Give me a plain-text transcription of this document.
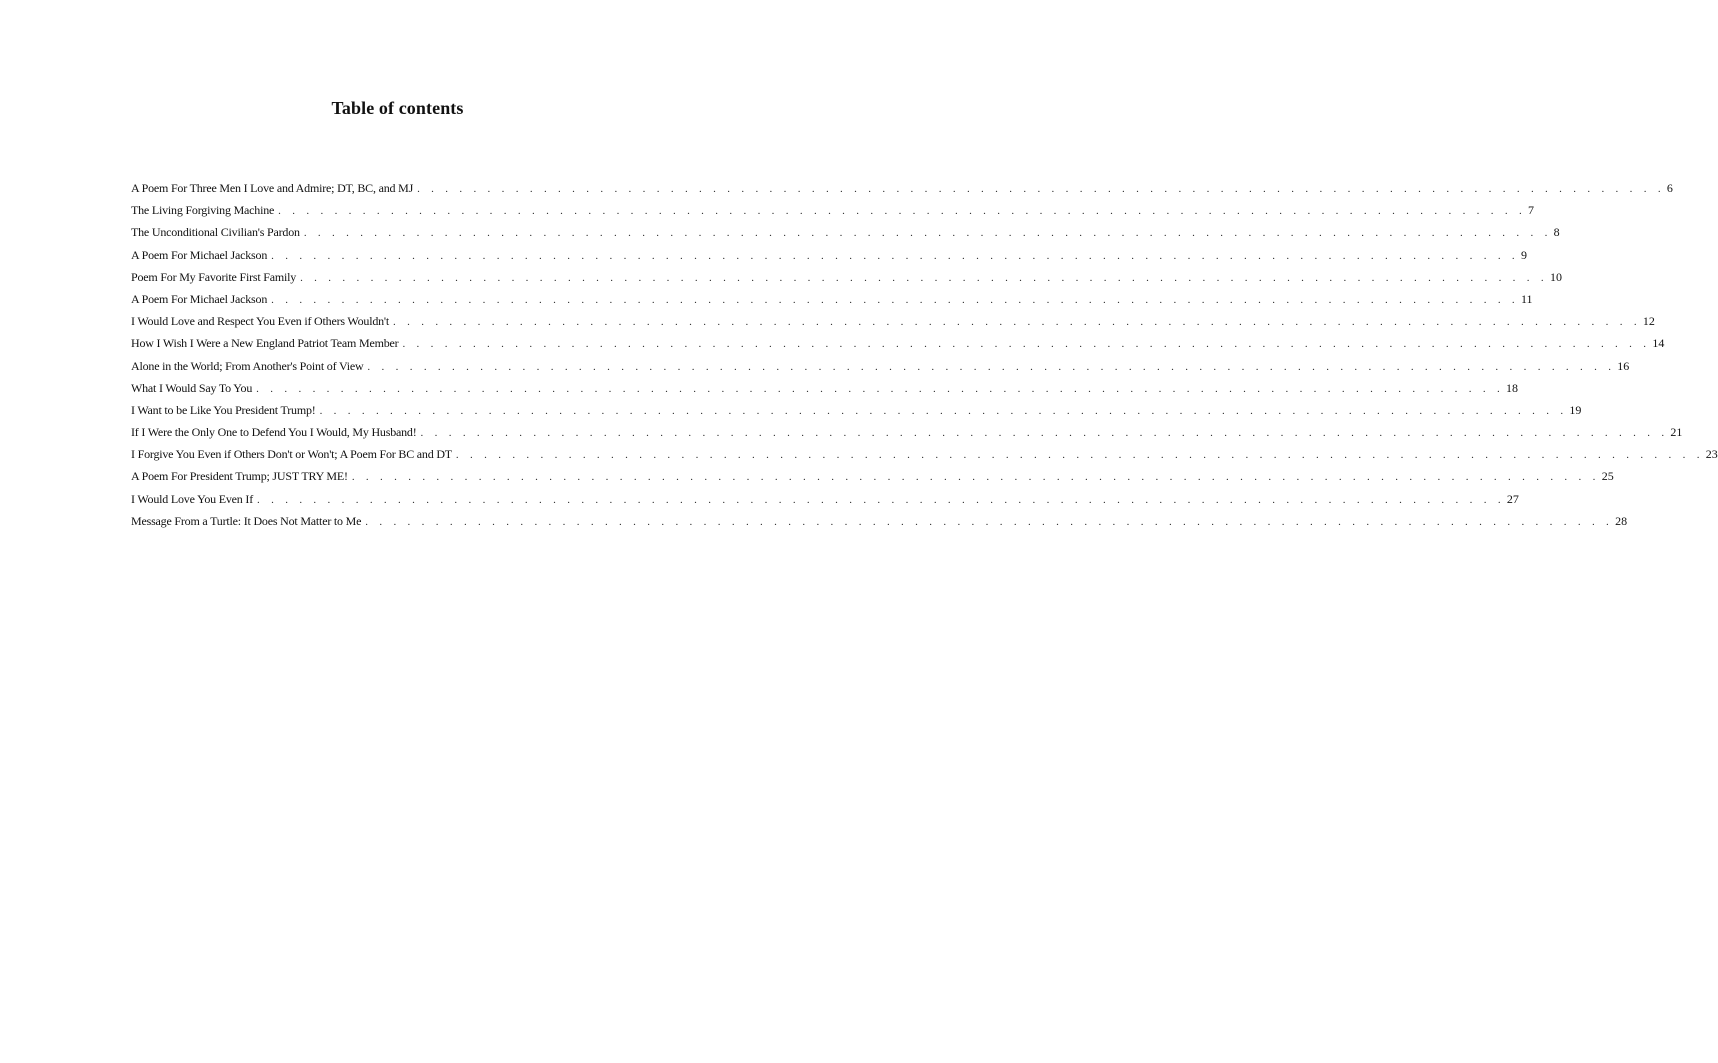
Table of contents
A Poem For Three Men I Love and Admire; DT, BC, and MJ . . . . . . . . . . . . . . . . . . . . . . . . . . . . . . . . . . . . . . . . . . . . . . . . . . . . . . . . . . . . . . . . . . . . . . . . . . . . . . . . . . . . . . . . . 6
The Living Forgiving Machine . . . . . . . . . . . . . . . . . . . . . . . . . . . . . . . . . . . . . . . . . . . . . . . . . . . . . . . . . . . . . . . . . . . . . . . . . . . . . . . . . . . . . . . . . 7
The Unconditional Civilian's Pardon . . . . . . . . . . . . . . . . . . . . . . . . . . . . . . . . . . . . . . . . . . . . . . . . . . . . . . . . . . . . . . . . . . . . . . . . . . . . . . . . . . . . . . . . . 8
A Poem For Michael Jackson . . . . . . . . . . . . . . . . . . . . . . . . . . . . . . . . . . . . . . . . . . . . . . . . . . . . . . . . . . . . . . . . . . . . . . . . . . . . . . . . . . . . . . . . . 9
Poem For My Favorite First Family . . . . . . . . . . . . . . . . . . . . . . . . . . . . . . . . . . . . . . . . . . . . . . . . . . . . . . . . . . . . . . . . . . . . . . . . . . . . . . . . . . . . . . . . . 10
A Poem For Michael Jackson . . . . . . . . . . . . . . . . . . . . . . . . . . . . . . . . . . . . . . . . . . . . . . . . . . . . . . . . . . . . . . . . . . . . . . . . . . . . . . . . . . . . . . . . . 11
I Would Love and Respect You Even if Others Wouldn't . . . . . . . . . . . . . . . . . . . . . . . . . . . . . . . . . . . . . . . . . . . . . . . . . . . . . . . . . . . . . . . . . . . . . . . . . . . . . . . . . . . . . . . . . 12
How I Wish I Were a New England Patriot Team Member . . . . . . . . . . . . . . . . . . . . . . . . . . . . . . . . . . . . . . . . . . . . . . . . . . . . . . . . . . . . . . . . . . . . . . . . . . . . . . . . . . . . . . . . . 14
Alone in the World; From Another's Point of View . . . . . . . . . . . . . . . . . . . . . . . . . . . . . . . . . . . . . . . . . . . . . . . . . . . . . . . . . . . . . . . . . . . . . . . . . . . . . . . . . . . . . . . . . 16
What I Would Say To You . . . . . . . . . . . . . . . . . . . . . . . . . . . . . . . . . . . . . . . . . . . . . . . . . . . . . . . . . . . . . . . . . . . . . . . . . . . . . . . . . . . . . . . . . 18
I Want to be Like You President Trump! . . . . . . . . . . . . . . . . . . . . . . . . . . . . . . . . . . . . . . . . . . . . . . . . . . . . . . . . . . . . . . . . . . . . . . . . . . . . . . . . . . . . . . . . . 19
If I Were the Only One to Defend You I Would, My Husband! . . . . . . . . . . . . . . . . . . . . . . . . . . . . . . . . . . . . . . . . . . . . . . . . . . . . . . . . . . . . . . . . . . . . . . . . . . . . . . . . . . . . . . . . . 21
I Forgive You Even if Others Don't or Won't; A Poem For BC and DT . . . . . . . . . . . . . . . . . . . . . . . . . . . . . . . . . . . . . . . . . . . . . . . . . . . . . . . . . . . . . . . . . . . . . . . . . . . . . . . . . . . . . . . . . 23
A Poem For President Trump; JUST TRY ME! . . . . . . . . . . . . . . . . . . . . . . . . . . . . . . . . . . . . . . . . . . . . . . . . . . . . . . . . . . . . . . . . . . . . . . . . . . . . . . . . . . . . . . . . . 25
I Would Love You Even If . . . . . . . . . . . . . . . . . . . . . . . . . . . . . . . . . . . . . . . . . . . . . . . . . . . . . . . . . . . . . . . . . . . . . . . . . . . . . . . . . . . . . . . . . 27
Message From a Turtle: It Does Not Matter to Me . . . . . . . . . . . . . . . . . . . . . . . . . . . . . . . . . . . . . . . . . . . . . . . . . . . . . . . . . . . . . . . . . . . . . . . . . . . . . . . . . . . . . . . . . 28
